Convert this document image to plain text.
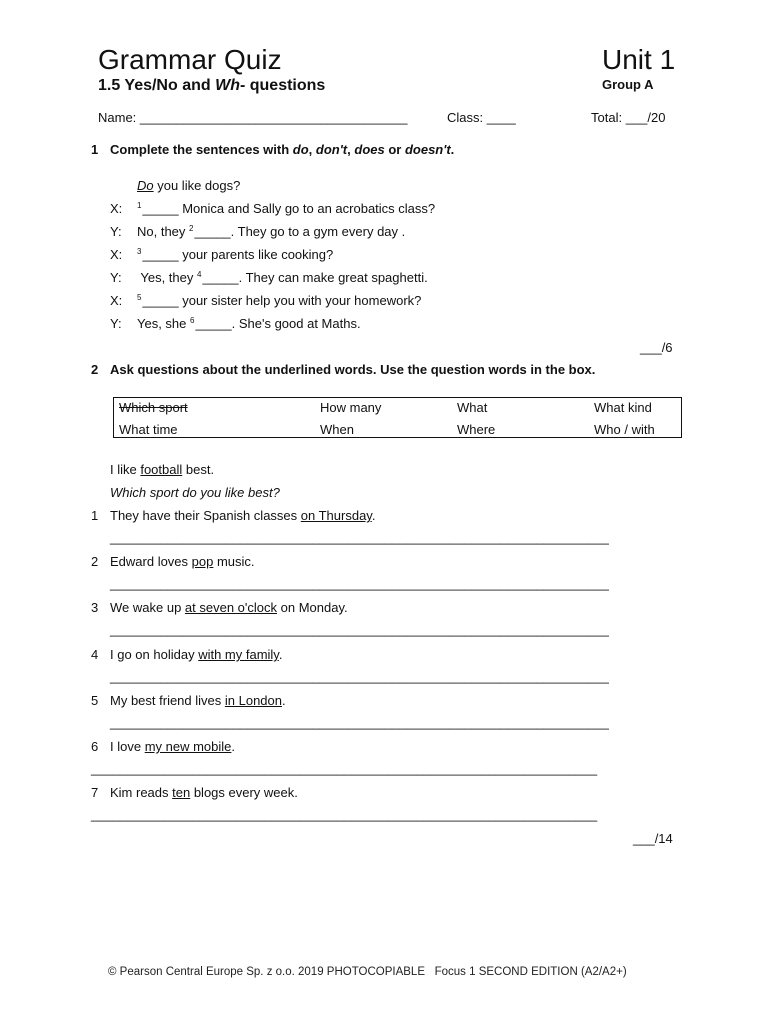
Grammar Quiz	Unit 1
1.5 Yes/No and Wh- questions	Group A
Name: _____________________________________	Class: ____	Total: ___/20
1 Complete the sentences with do, don't, does or doesn't.
Do you like dogs?
X: $^1$_____ Monica and Sally go to an acrobatics class?
Y: No, they $^2$_____. They go to a gym every day .
X: $^3$_____ your parents like cooking?
Y: Yes, they $^4$_____. They can make great spaghetti.
X: $^5$_____ your sister help you with your homework?
Y: Yes, she $^6$_____. She's good at Maths.
___/6
2 Ask questions about the underlined words. Use the question words in the box.
Which sport	How many	What	What kind
What time	When	Where	Who / with
I like football best.
Which sport do you like best?
1 They have their Spanish classes on Thursday.
_____________________________________________________________________
2 Edward loves pop music.
_____________________________________________________________________
3 We wake up at seven o'clock on Monday.
_____________________________________________________________________
4 I go on holiday with my family.
_____________________________________________________________________
5 My best friend lives in London.
_____________________________________________________________________
6 I love my new mobile.
______________________________________________________________________
7 Kim reads ten blogs every week.
______________________________________________________________________
___/14
© Pearson Central Europe Sp. z o.o. 2019 PHOTOCOPIABLE Focus 1 SECOND EDITION (A2/A2+)
